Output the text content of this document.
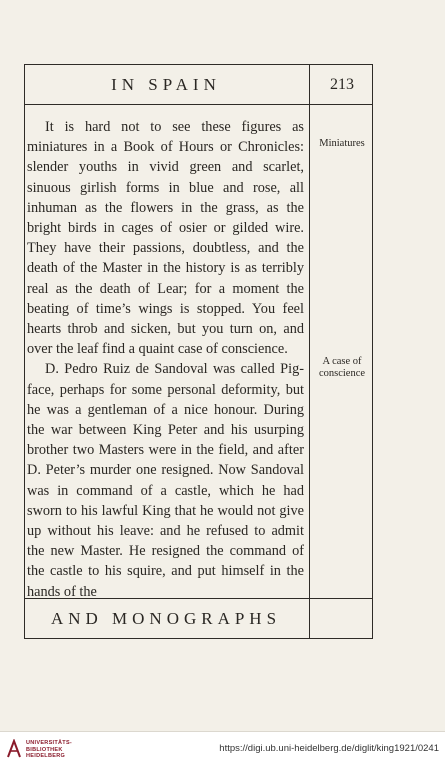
IN SPAIN	213

It is hard not to see these figures as miniatures in a Book of Hours or Chronicles: slender youths in vivid green and scarlet, sinuous girlish forms in blue and rose, all inhuman as the flowers in the grass, as the bright birds in cages of osier or gilded wire. They have their passions, doubtless, and the death of the Master in the history is as terribly real as the death of Lear; for a moment the beating of time’s wings is stopped. You feel hearts throb and sicken, but you turn on, and over the leaf find a quaint case of conscience.

D. Pedro Ruiz de Sandoval was called Pig-face, perhaps for some personal deformity, but he was a gentleman of a nice honour. During the war between King Peter and his usurping brother two Masters were in the field, and after D. Peter’s murder one resigned. Now Sandoval was in command of a castle, which he had sworn to his lawful King that he would not give up without his leave: and he refused to admit the new Master. He resigned the command of the castle to his squire, and put himself in the hands of the

Miniatures
A case of
conscience
AND MONOGRAPHS
UNIVERSITÄTS-
BIBLIOTHEK
HEIDELBERG
https://digi.ub.uni-heidelberg.de/diglit/king1921/0241
